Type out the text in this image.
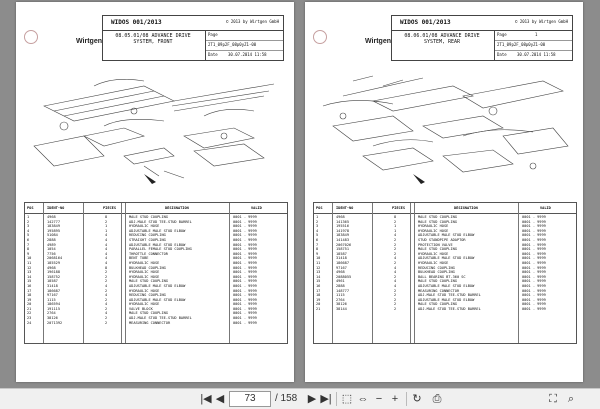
Wirtgen
WIDOS 001/2013	© 2013 by Wirtgen GmbH
08.05.01/08 ADVANCE DRIVE
SYSTEM, FRONT
Page
2T1_09p2F_08p0yZ1-00
Date	30.07.2014 11:58
POS	IDENT-NO	PIECES	DESIGNATION	VALID
1	4968	8	MALE STUD COUPLING	0001 - 9999
2	142777	2	ADJ.MALE STUD TEE-STUD BARREL	0001 - 9999
3	183849	1	HYDRAULIC HOSE	0001 - 9999
4	195895	1	ADJUSTABLE MALE STUD ELBOW	0001 - 9999
5	51084	4	REDUCING COUPLING	0001 - 9999
6	2888	4	STRAIGHT COUPLING	0001 - 9999
7	4989	4	ADJUSTABLE MALE STUD ELBOW	0001 - 9999
8	1054	4	PARALLEL FEMALE STUD COUPLING	0001 - 9999
9	7756	4	THROTTLE CONNECTOR	0001 - 9999
10	2068164	4	BENT TUBE	0001 - 9999
11	185529	4	HYDRAULIC HOSE	0001 - 9999
12	4968	8	BULKHEAD COUPLING	0001 - 9999
13	196188	2	HYDRAULIC HOSE	0001 - 9999
14	158752	2	HYDRAULIC HOSE	0001 - 9999
15	18587	2	MALE STUD COUPLING	0001 - 9999
16	31418	4	ADJUSTABLE MALE STUD ELBOW	0001 - 9999
17	186687	2	HYDRAULIC HOSE	0001 - 9999
18	97167	4	REDUCING COUPLING	0001 - 9999
19	1115	2	ADJUSTABLE MALE STUD ELBOW	0001 - 9999
20	186594	4	HYDRAULIC HOSE	0001 - 9999
21	191115	2	VALVE BLOCK	0001 - 9999
22	2764	4	MALE STUD COUPLING	0001 - 9999
23	38126	2	ADJ.MALE STUD TEE-STUD BARREL	0001 - 9999
24	2071392	2	MEASURING CONNECTOR	0001 - 9999
Wirtgen
WIDOS 001/2013	© 2013 by Wirtgen GmbH
08.06.01/08 ADVANCE DRIVE
SYSTEM, REAR
Page	1
2T1_09p2F_08p0yZ1-00
Date	30.07.2014 11:58
POS	IDENT-NO	PIECES	DESIGNATION	VALID
1	4968	8	MALE STUD COUPLING	0001 - 9999
2	141365	2	MALE STUD COUPLING	0001 - 9999
3	195516	1	HYDRAULIC HOSE	0001 - 9999
4	141978	1	HYDRAULIC HOSE	0001 - 9999
5	183849	4	ADJUSTABLE MALE STUD ELBOW	0001 - 9999
6	141483	2	STUD STANDPIPE ADAPTOR	0001 - 9999
7	2067026	2	PROTECTION VALVE	0001 - 9999
8	158751	2	MALE STUD COUPLING	0001 - 9999
9	18587	2	HYDRAULIC HOSE	0001 - 9999
10	31418	4	ADJUSTABLE MALE STUD ELBOW	0001 - 9999
11	186687	2	HYDRAULIC HOSE	0001 - 9999
12	97167	4	REDUCING COUPLING	0001 - 9999
13	4968	4	BULKHEAD COUPLING	0001 - 9999
14	2088055	2	BALL BEARING BT-360 SC	0001 - 9999
15	4961	4	MALE STUD COUPLING	0001 - 9999
16	2888	4	ADJUSTABLE MALE STUD ELBOW	0001 - 9999
17	148777	2	MEASURING CONNECTOR	0001 - 9999
18	1115	2	ADJ.MALE STUD TEE-STUD BARREL	0001 - 9999
19	2764	2	ADJUSTABLE MALE STUD ELBOW	0001 - 9999
20	38126	2	MALE STUD COUPLING	0001 - 9999
21	38144	2	ADJ.MALE STUD TEE-STUD BARREL	0001 - 9999
|◀ ◀	73	/ 158 ▶ ▶| ⬚ ⇔ − +	↻ ⎙	⛶	⌕
